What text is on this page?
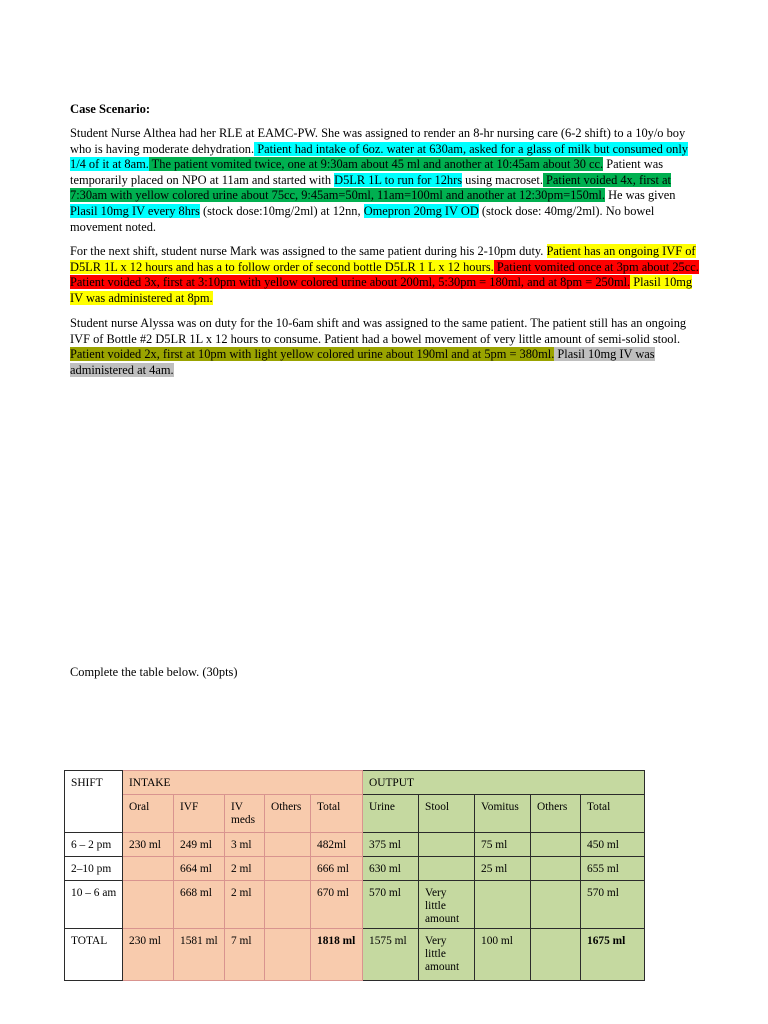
Case Scenario:

Student Nurse Althea had her RLE at EAMC-PW. She was assigned to render an 8-hr nursing care (6-2 shift) to a 10y/o boy who is having moderate dehydration. Patient had intake of 6oz. water at 630am, asked for a glass of milk but consumed only 1/4 of it at 8am. The patient vomited twice, one at 9:30am about 45 ml and another at 10:45am about 30 cc. Patient was temporarily placed on NPO at 11am and started with D5LR 1L to run for 12hrs using macroset. Patient voided 4x, first at 7:30am with yellow colored urine about 75cc, 9:45am=50ml, 11am=100ml and another at 12:30pm=150ml. He was given Plasil 10mg IV every 8hrs (stock dose:10mg/2ml) at 12nn, Omepron 20mg IV OD (stock dose: 40mg/2ml). No bowel movement noted.

For the next shift, student nurse Mark was assigned to the same patient during his 2-10pm duty. Patient has an ongoing IVF of D5LR 1L x 12 hours and has a to follow order of second bottle D5LR 1 L x 12 hours. Patient vomited once at 3pm about 25cc. Patient voided 3x, first at 3:10pm with yellow colored urine about 200ml, 5:30pm = 180ml, and at 8pm = 250ml. Plasil 10mg IV was administered at 8pm.

Student nurse Alyssa was on duty for the 10-6am shift and was assigned to the same patient. The patient still has an ongoing IVF of Bottle #2 D5LR 1L x 12 hours to consume. Patient had a bowel movement of very little amount of semi-solid stool. Patient voided 2x, first at 10pm with light yellow colored urine about 190ml and at 5pm = 380ml. Plasil 10mg IV was administered at 4am.

Complete the table below. (30pts)
SHIFT	INTAKE					OUTPUT				
	Oral	IVF	IV meds	Others	Total	Urine	Stool	Vomitus	Others	Total
6 – 2 pm	230 ml	249 ml	3 ml		482ml	375 ml		75 ml		450 ml
2–10 pm		664 ml	2 ml		666 ml	630 ml		25 ml		655 ml
10 – 6 am		668 ml	2 ml		670 ml	570 ml	Very little amount			570 ml
TOTAL	230 ml	1581 ml	7 ml		1818 ml	1575 ml	Very little amount	100 ml		1675 ml
